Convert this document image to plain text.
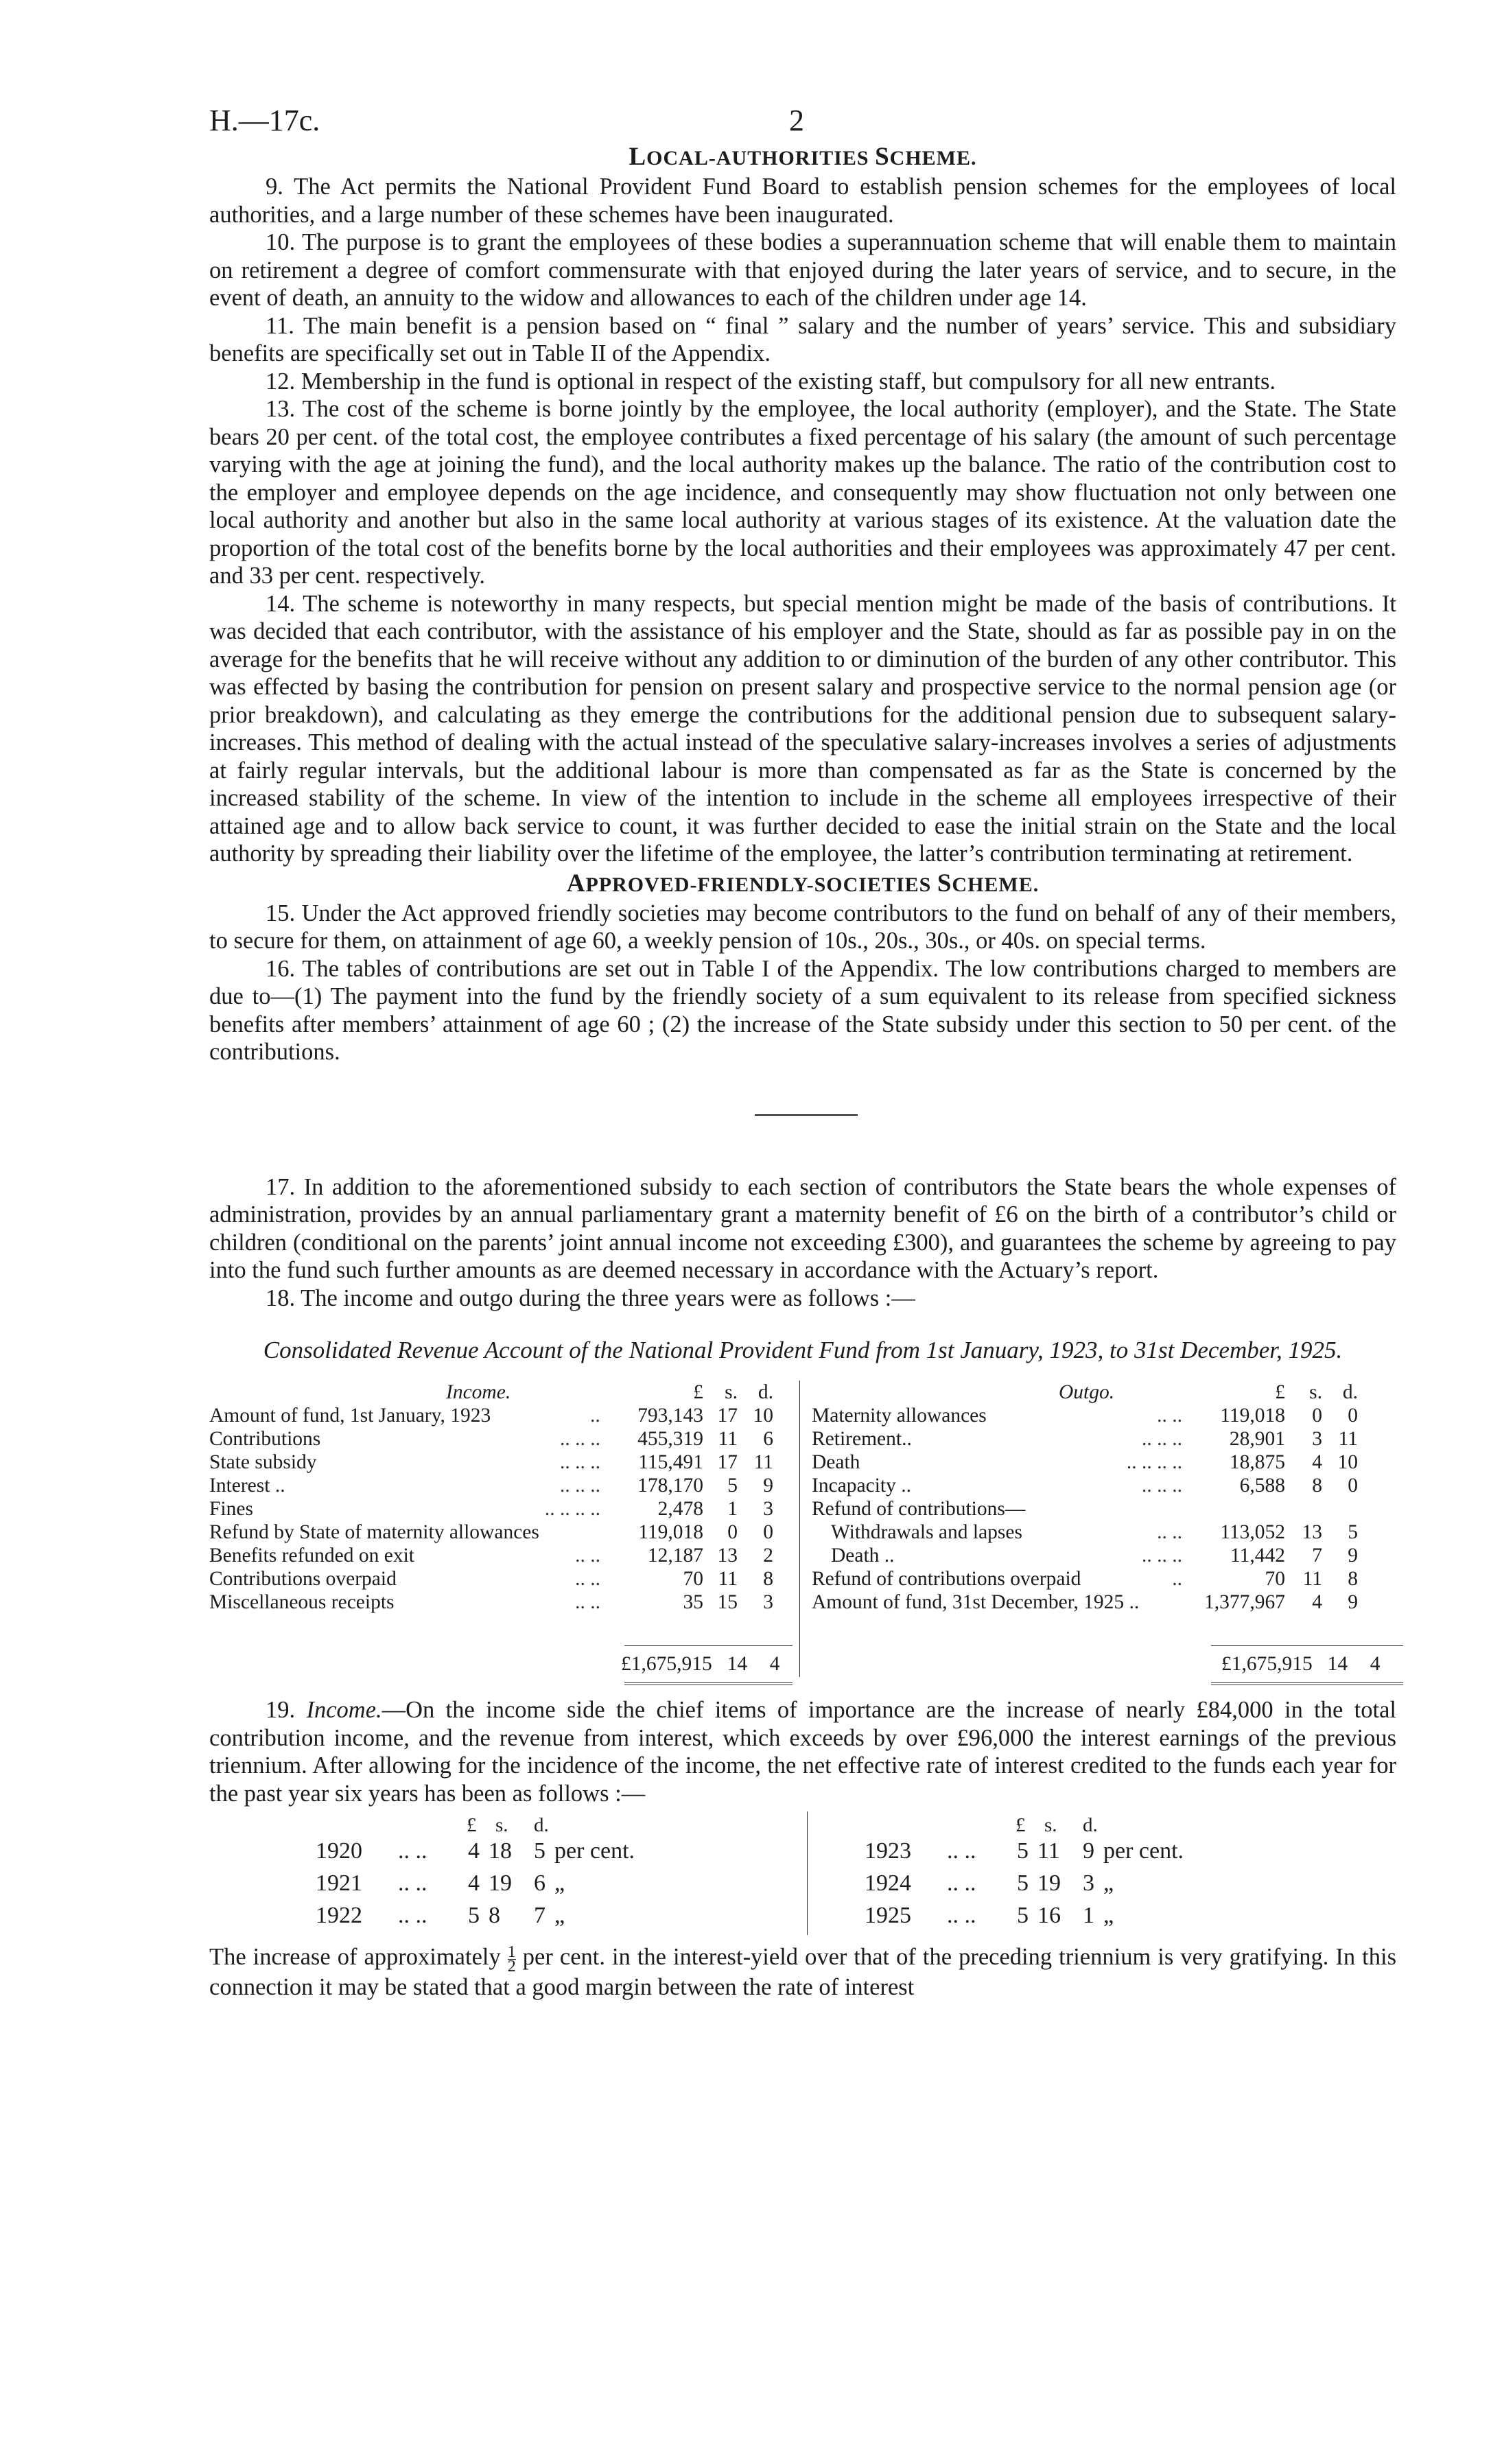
H.—17c.	2
LOCAL-AUTHORITIES SCHEME.

9. The Act permits the National Provident Fund Board to establish pension schemes for the employees of local authorities, and a large number of these schemes have been inaugurated.

10. The purpose is to grant the employees of these bodies a superannuation scheme that will enable them to maintain on retirement a degree of comfort commensurate with that enjoyed during the later years of service, and to secure, in the event of death, an annuity to the widow and allowances to each of the children under age 14.

11. The main benefit is a pension based on “ final ” salary and the number of years’ service. This and subsidiary benefits are specifically set out in Table II of the Appendix.

12. Membership in the fund is optional in respect of the existing staff, but compulsory for all new entrants.

13. The cost of the scheme is borne jointly by the employee, the local authority (employer), and the State. The State bears 20 per cent. of the total cost, the employee contributes a fixed percentage of his salary (the amount of such percentage varying with the age at joining the fund), and the local authority makes up the balance. The ratio of the contribution cost to the employer and employee depends on the age incidence, and consequently may show fluctuation not only between one local authority and another but also in the same local authority at various stages of its existence. At the valuation date the proportion of the total cost of the benefits borne by the local authorities and their employees was approximately 47 per cent. and 33 per cent. respectively.

14. The scheme is noteworthy in many respects, but special mention might be made of the basis of contributions. It was decided that each contributor, with the assistance of his employer and the State, should as far as possible pay in on the average for the benefits that he will receive without any addition to or diminution of the burden of any other contributor. This was effected by basing the contribution for pension on present salary and prospective service to the normal pension age (or prior breakdown), and calculating as they emerge the contributions for the additional pension due to subsequent salary-increases. This method of dealing with the actual instead of the speculative salary-increases involves a series of adjustments at fairly regular intervals, but the additional labour is more than compensated as far as the State is concerned by the increased stability of the scheme. In view of the intention to include in the scheme all employees irrespective of their attained age and to allow back service to count, it was further decided to ease the initial strain on the State and the local authority by spreading their liability over the lifetime of the employee, the latter’s contribution terminating at retirement.

APPROVED-FRIENDLY-SOCIETIES SCHEME.

15. Under the Act approved friendly societies may become contributors to the fund on behalf of any of their members, to secure for them, on attainment of age 60, a weekly pension of 10s., 20s., 30s., or 40s. on special terms.

16. The tables of contributions are set out in Table I of the Appendix. The low contributions charged to members are due to—(1) The payment into the fund by the friendly society of a sum equivalent to its release from specified sickness benefits after members’ attainment of age 60 ; (2) the increase of the State subsidy under this section to 50 per cent. of the contributions.

17. In addition to the aforementioned subsidy to each section of contributors the State bears the whole expenses of administration, provides by an annual parliamentary grant a maternity benefit of £6 on the birth of a contributor’s child or children (conditional on the parents’ joint annual income not exceeding £300), and guarantees the scheme by agreeing to pay into the fund such further amounts as are deemed necessary in accordance with the Actuary’s report.

18. The income and outgo during the three years were as follows :—

Consolidated Revenue Account of the National Provident Fund from 1st January, 1923, to 31st December, 1925.
Income.	£	s.	d.
Amount of fund, 1st January, 1923	.. 793,143 17 10
Contributions	.. .. .. 455,319 11	6
State subsidy	.. .. .. 115,491 17 11
Interest ..	.. .. .. 178,170	5	9
Fines	.. .. .. ..	2,478	1	3
Refund by State of maternity allowances	119,018	0	0
Benefits refunded on exit	.. ..	12,187 13	2
Contributions overpaid	.. ..	70 11	8
Miscellaneous receipts	.. ..	35 15	3
Outgo.	£	s.	d.
Maternity allowances	.. ..	119,018	0	0
Retirement..	.. .. ..	28,901	3 11
Death	.. .. .. ..	18,875	4 10
Incapacity ..	.. .. ..	6,588	8	0
Refund of contributions—
Withdrawals and lapses	.. ..	113,052 13	5
Death ..	.. .. ..	11,442	7	9
Refund of contributions overpaid	..	70 11	8
Amount of fund, 31st December, 1925 ..	1,377,967	4	9
£1,675,915 14 4	£1,675,915 14 4

19. Income.—On the income side the chief items of importance are the increase of nearly £84,000 in the total contribution income, and the revenue from interest, which exceeds by over £96,000 the interest earnings of the previous triennium. After allowing for the incidence of the income, the net effective rate of interest credited to the funds each year for the past year six years has been as follows :—

£ s. d.
1920 .. .. 4 18 5 per cent.
1921 .. .. 4 19 6 „
1922 .. .. 5 8 7 „
£ s. d.
1923 .. .. 5 11 9 per cent.
1924 .. .. 5 19 3 „
1925 .. .. 5 16 1 „

The increase of approximately $\frac{1}{2}$ per cent. in the interest-yield over that of the preceding triennium is very gratifying. In this connection it may be stated that a good margin between the rate of interest
